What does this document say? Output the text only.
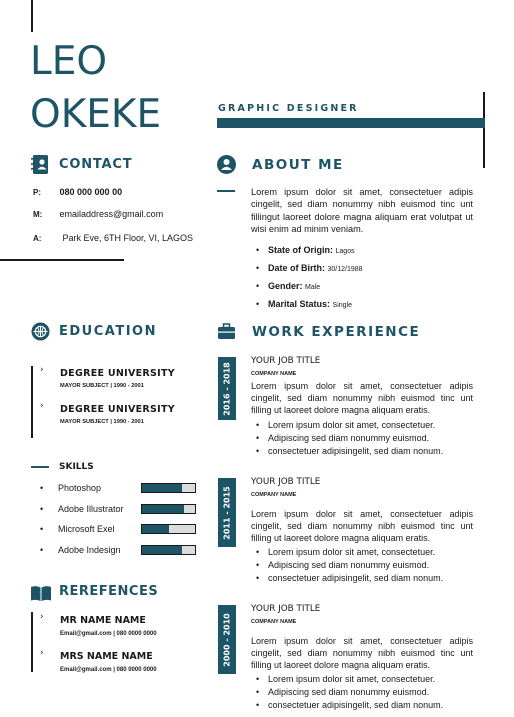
LEO
OKEKE	GRAPHIC DESIGNER
CONTACT
P: 080 000 000 00
M: emailaddress@gmail.com
A: Park Eve, 6TH Floor, VI, LAGOS
ABOUT ME
Lorem ipsum dolor sit amet, consectetuer adipis cingelit, sed diam nonummy nibh euismod tinc unt fillingut laoreet dolore magna aliquam erat volutpat ut wisi enim ad minim veniam.
• State of Origin: Lagos
• Date of Birth: 30/12/1988
• Gender: Male
• Marital Status: Single
EDUCATION
› DEGREE UNIVERSITY
MAYOR SUBJECT | 1990 - 2001
› DEGREE UNIVERSITY
MAYOR SUBJECT | 1990 - 2001
SKILLS
• Photoshop
• Adobe Illustrator
• Microsoft Exel
• Adobe Indesign
REREFENCES
› MR NAME NAME
Email@gmail.com | 080 0000 0000
› MRS NAME NAME
Email@gmail.com | 080 0000 0000
WORK EXPERIENCE
2016 - 2018
YOUR JOB TITLE
COMPANY NAME
Lorem ipsum dolor sit amet, consectetuer adipis cingelit, sed diam nonummy nibh euismod tinc unt filling ut laoreet dolore magna aliquam eratis.
• Lorem ipsum dolor sit amet, consectetuer.
• Adipiscing sed diam nonummy euismod.
• consectetuer adipisingelit, sed diam nonum.
2011 - 2015
YOUR JOB TITLE
COMPANY NAME
Lorem ipsum dolor sit amet, consectetuer adipis cingelit, sed diam nonummy nibh euismod tinc unt filling ut laoreet dolore magna aliquam eratis.
• Lorem ipsum dolor sit amet, consectetuer.
• Adipiscing sed diam nonummy euismod.
• consectetuer adipisingelit, sed diam nonum.
2000 - 2010
YOUR JOB TITLE
COMPANY NAME
Lorem ipsum dolor sit amet, consectetuer adipis cingelit, sed diam nonummy nibh euismod tinc unt filling ut laoreet dolore magna aliquam eratis.
• Lorem ipsum dolor sit amet, consectetuer.
• Adipiscing sed diam nonummy euismod.
• consectetuer adipisingelit, sed diam nonum.
